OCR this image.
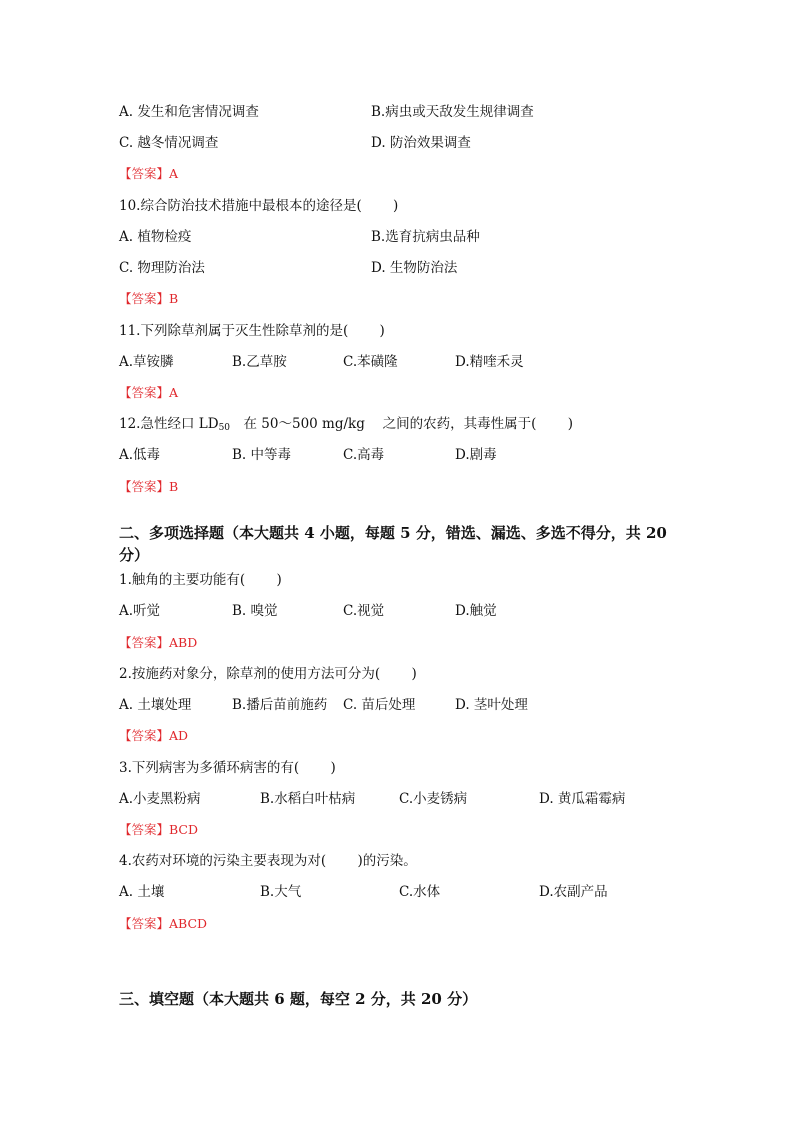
A. 发生和危害情况调查	B.病虫或天敌发生规律调查
C. 越冬情况调查	D. 防治效果调查
【答案】A
10.综合防治技术措施中最根本的途径是(　 　)
A. 植物检疫	B.选育抗病虫品种
C. 物理防治法	D. 生物防治法
【答案】B
11.下列除草剂属于灭生性除草剂的是(　 　)
A.草铵膦	B.乙草胺	C.苯磺隆	D.精喹禾灵
【答案】A
12.急性经口 $LD_{50}$　在 50～500 mg/kg　 之间的农药，其毒性属于(　 　)
A.低毒	B. 中等毒	C.高毒	D.剧毒
【答案】B
二、多项选择题（本大题共 4 小题，每题 5 分，错选、漏选、多选不得分，共 20 分）
1.触角的主要功能有(　 　)
A.听觉	B. 嗅觉	C.视觉	D.触觉
【答案】ABD
2.按施药对象分，除草剂的使用方法可分为(　 　)
A. 土壤处理	B.播后苗前施药 C. 苗后处理	D. 茎叶处理
【答案】AD
3.下列病害为多循环病害的有(　 　)
A.小麦黑粉病	B.水稻白叶枯病	C.小麦锈病	D. 黄瓜霜霉病
【答案】BCD
4.农药对环境的污染主要表现为对(　 　)的污染。
A. 土壤	B.大气	C.水体	D.农副产品
【答案】ABCD
三、填空题（本大题共 6 题，每空 2 分，共 20 分）
